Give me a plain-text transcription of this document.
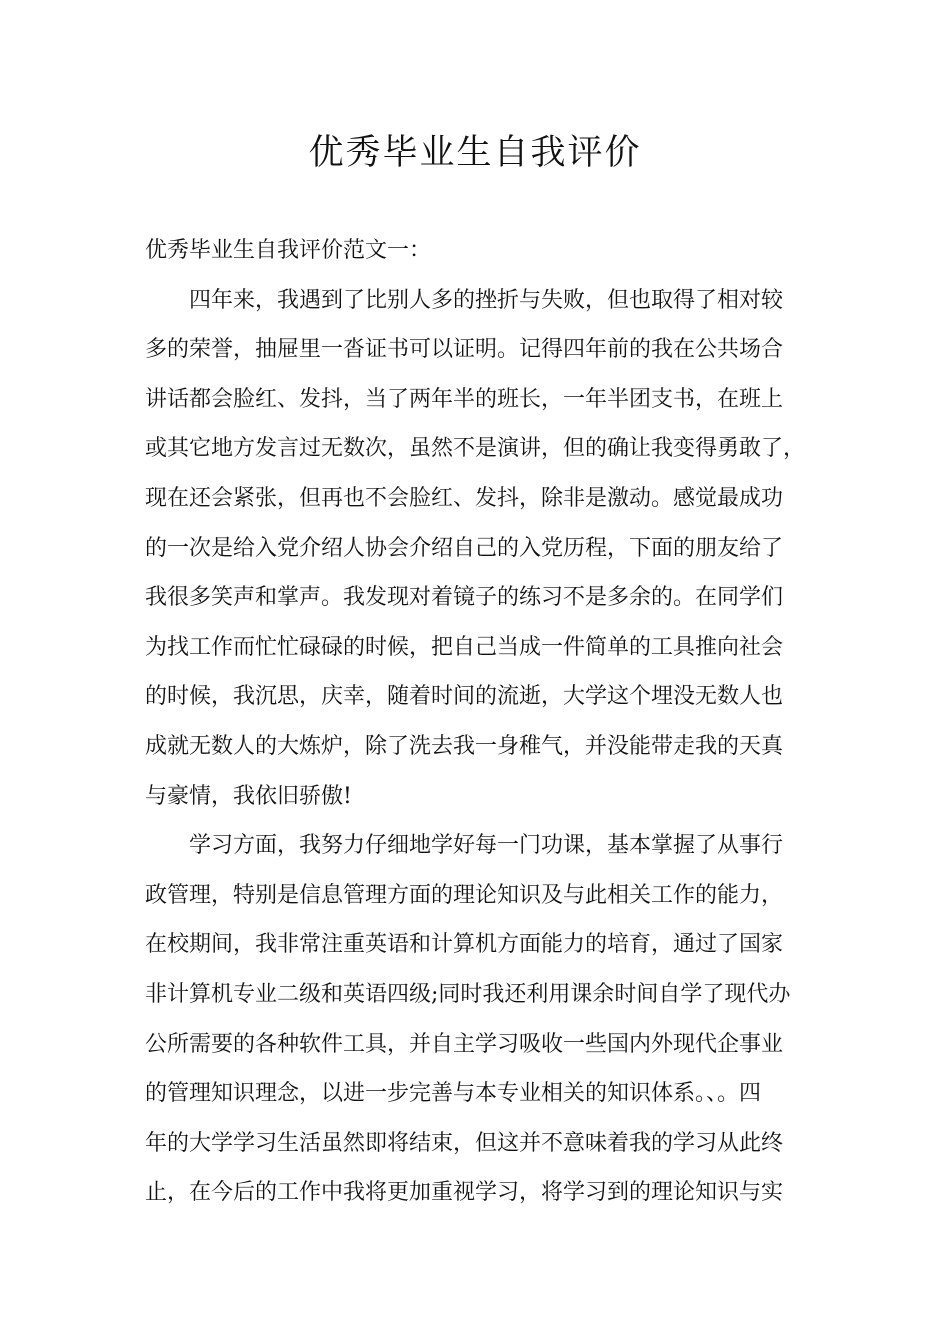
优秀毕业生自我评价

优秀毕业生自我评价范文一：

四年来，我遇到了比别人多的挫折与失败，但也取得了相对较

多的荣誉，抽屉里一沓证书可以证明。记得四年前的我在公共场合

讲话都会脸红、发抖，当了两年半的班长，一年半团支书，在班上

或其它地方发言过无数次，虽然不是演讲，但的确让我变得勇敢了，

现在还会紧张，但再也不会脸红、发抖，除非是激动。感觉最成功

的一次是给入党介绍人协会介绍自己的入党历程，下面的朋友给了

我很多笑声和掌声。我发现对着镜子的练习不是多余的。在同学们

为找工作而忙忙碌碌的时候，把自己当成一件简单的工具推向社会

的时候，我沉思，庆幸，随着时间的流逝，大学这个埋没无数人也

成就无数人的大炼炉，除了洗去我一身稚气，并没能带走我的天真

与豪情，我依旧骄傲!

学习方面，我努力仔细地学好每一门功课，基本掌握了从事行

政管理，特别是信息管理方面的理论知识及与此相关工作的能力，

在校期间，我非常注重英语和计算机方面能力的培育，通过了国家

非计算机专业二级和英语四级;同时我还利用课余时间自学了现代办

公所需要的各种软件工具，并自主学习吸收一些国内外现代企事业

的管理知识理念，以进一步完善与本专业相关的知识体系。、。四

年的大学学习生活虽然即将结束，但这并不意味着我的学习从此终

止，在今后的工作中我将更加重视学习，将学习到的理论知识与实
